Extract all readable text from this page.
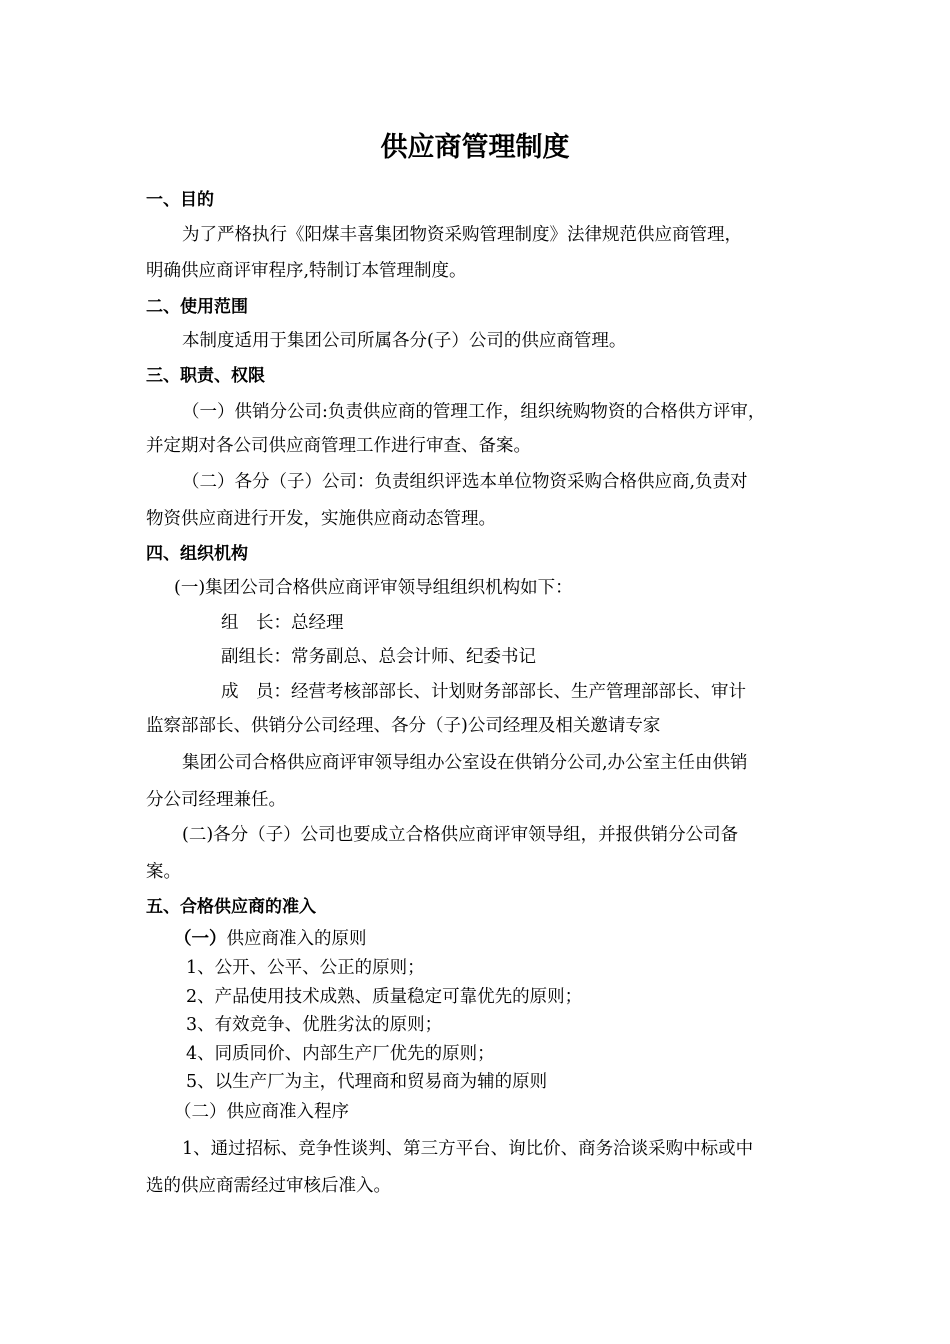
供应商管理制度
一、目的
为了严格执行《阳煤丰喜集团物资采购管理制度》法律规范供应商管理，
明确供应商评审程序,特制订本管理制度。
二、使用范围
本制度适用于集团公司所属各分(子）公司的供应商管理。
三、职责、权限
（一）供销分公司:负责供应商的管理工作，组织统购物资的合格供方评审，
并定期对各公司供应商管理工作进行审查、备案。
（二）各分（子）公司：负责组织评选本单位物资采购合格供应商,负责对
物资供应商进行开发，实施供应商动态管理。
四、组织机构
(一)集团公司合格供应商评审领导组组织机构如下：
组　长：总经理
副组长：常务副总、总会计师、纪委书记
成　员：经营考核部部长、计划财务部部长、生产管理部部长、审计
监察部部长、供销分公司经理、各分（子)公司经理及相关邀请专家
集团公司合格供应商评审领导组办公室设在供销分公司,办公室主任由供销
分公司经理兼任。
(二)各分（子）公司也要成立合格供应商评审领导组，并报供销分公司备
案。
五、合格供应商的准入
（一）供应商准入的原则
1、公开、公平、公正的原则；
2、产品使用技术成熟、质量稳定可靠优先的原则；
3、有效竞争、优胜劣汰的原则；
4、同质同价、内部生产厂优先的原则；
5、以生产厂为主，代理商和贸易商为辅的原则
（二）供应商准入程序
1、通过招标、竞争性谈判、第三方平台、询比价、商务洽谈采购中标或中
选的供应商需经过审核后准入。
